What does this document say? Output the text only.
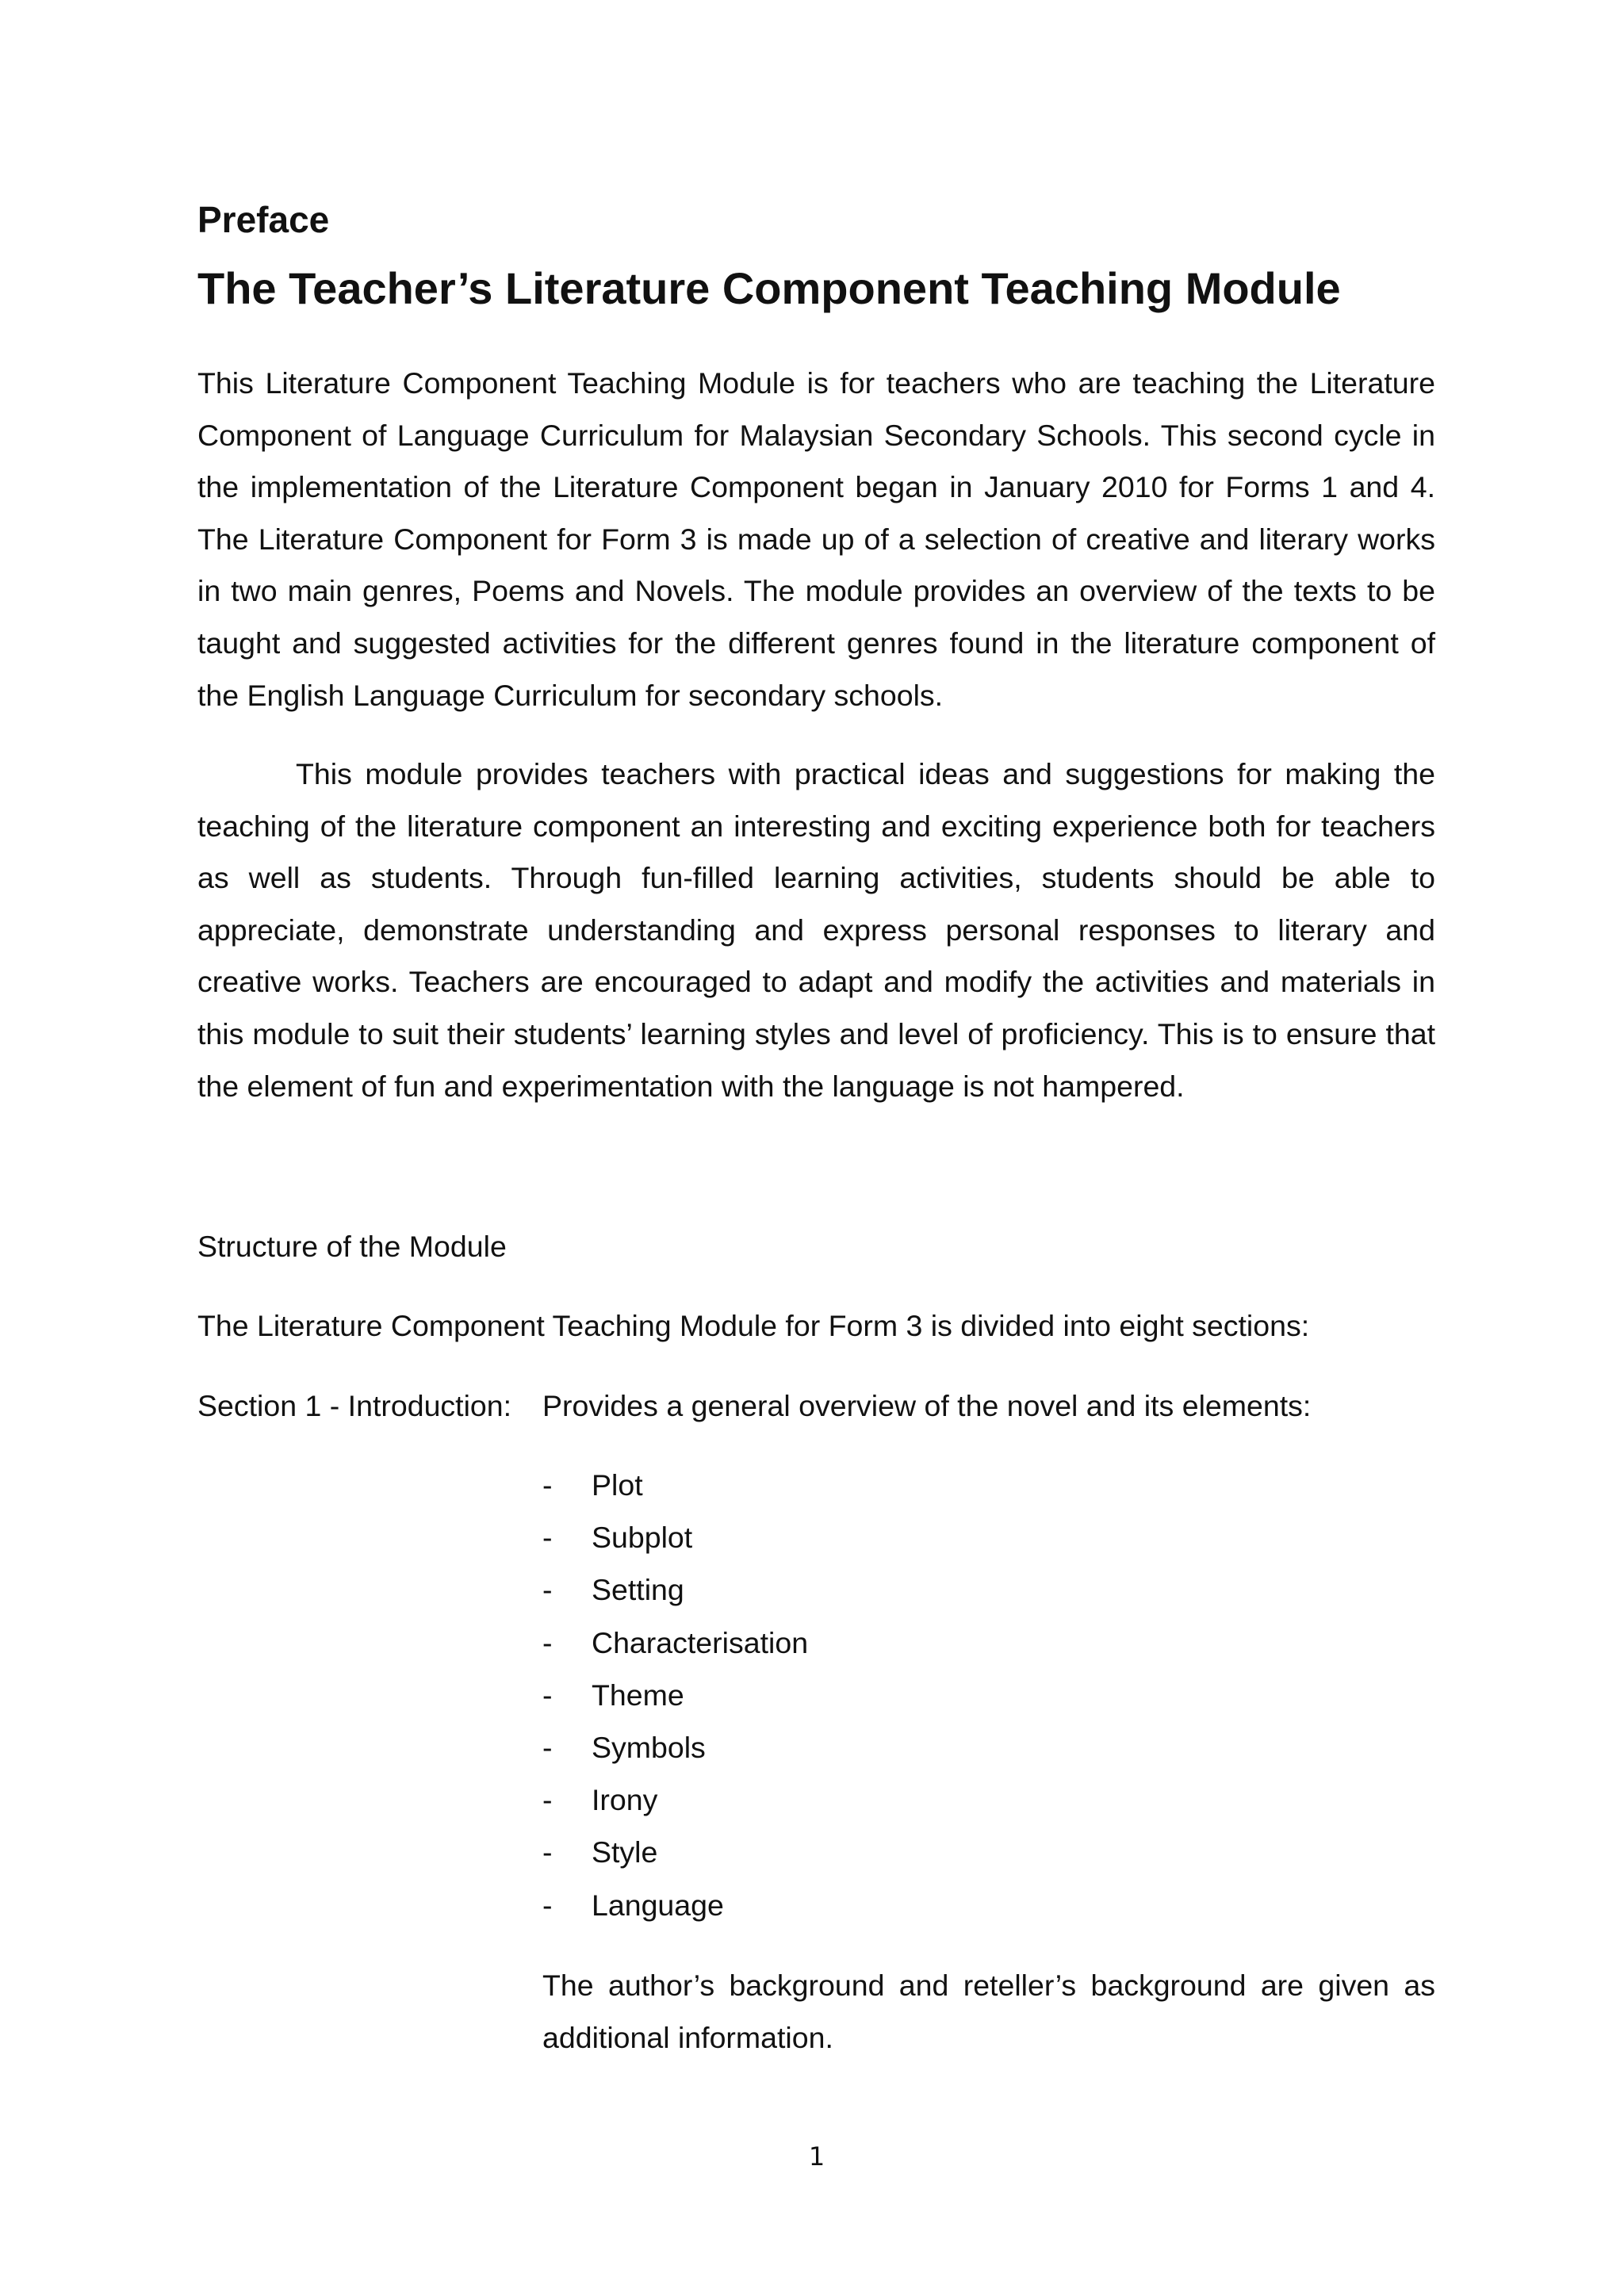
Preface
The Teacher’s Literature Component Teaching Module

This Literature Component Teaching Module is for teachers who are teaching the Literature Component of Language Curriculum for Malaysian Secondary Schools. This second cycle in the implementation of the Literature Component began in January 2010 for Forms 1 and 4. The Literature Component for Form 3 is made up of a selection of creative and literary works in two main genres, Poems and Novels. The module provides an overview of the texts to be taught and suggested activities for the different genres found in the literature component of the English Language Curriculum for secondary schools.

This module provides teachers with practical ideas and suggestions for making the teaching of the literature component an interesting and exciting experience both for teachers as well as students. Through fun-filled learning activities, students should be able to appreciate, demonstrate understanding and express personal responses to literary and creative works. Teachers are encouraged to adapt and modify the activities and materials in this module to suit their students’ learning styles and level of proficiency. This is to ensure that the element of fun and experimentation with the language is not hampered.

Structure of the Module

The Literature Component Teaching Module for Form 3 is divided into eight sections:

Section 1 - Introduction: Provides a general overview of the novel and its elements:

- Plot
- Subplot
- Setting
- Characterisation
- Theme
- Symbols
- Irony
- Style
- Language

The author’s background and reteller’s background are given as additional information.

1
